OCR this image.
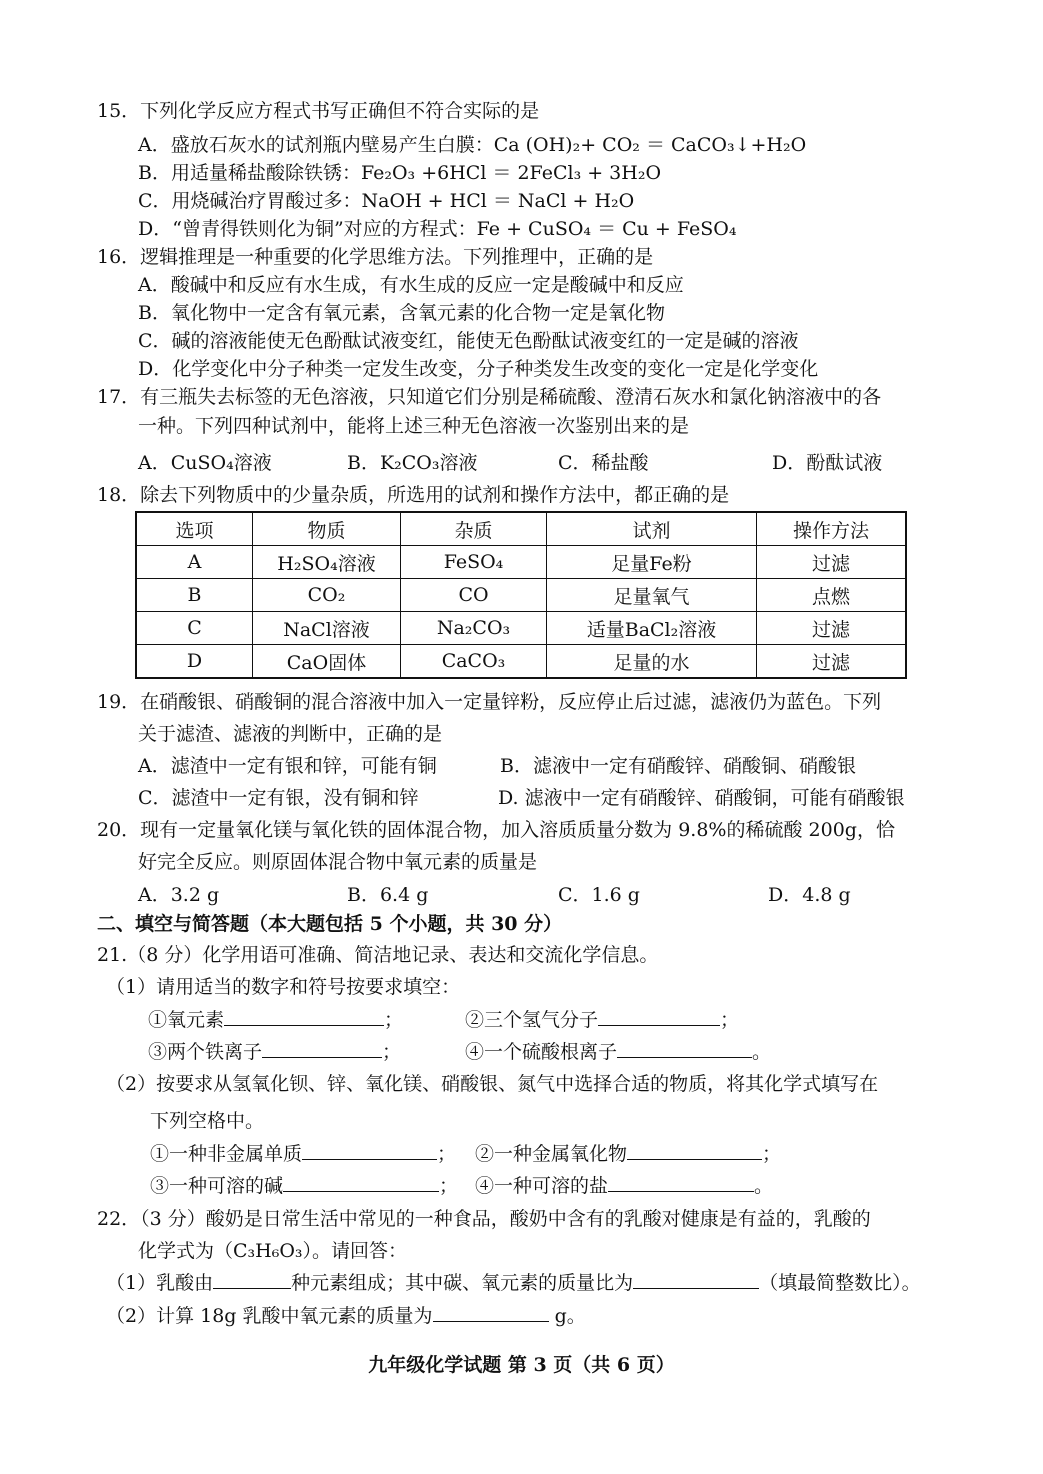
15．下列化学反应方程式书写正确但不符合实际的是
A．盛放石灰水的试剂瓶内壁易产生白膜：Ca (OH)₂+ CO₂ ＝ CaCO₃↓+H₂O
B．用适量稀盐酸除铁锈：Fe₂O₃ +6HCl ＝ 2FeCl₃ + 3H₂O
C．用烧碱治疗胃酸过多：NaOH + HCl ＝ NaCl + H₂O
D．“曾青得铁则化为铜”对应的方程式：Fe + CuSO₄ ＝ Cu + FeSO₄
16．逻辑推理是一种重要的化学思维方法。下列推理中，正确的是
A．酸碱中和反应有水生成，有水生成的反应一定是酸碱中和反应
B．氧化物中一定含有氧元素，含氧元素的化合物一定是氧化物
C．碱的溶液能使无色酚酞试液变红，能使无色酚酞试液变红的一定是碱的溶液
D．化学变化中分子种类一定发生改变，分子种类发生改变的变化一定是化学变化
17．有三瓶失去标签的无色溶液，只知道它们分别是稀硫酸、澄清石灰水和氯化钠溶液中的各
一种。下列四种试剂中，能将上述三种无色溶液一次鉴别出来的是
A．CuSO₄溶液	B．K₂CO₃溶液	C．稀盐酸	D．酚酞试液
18．除去下列物质中的少量杂质，所选用的试剂和操作方法中，都正确的是
选项	物质	杂质	试剂	操作方法
A	H₂SO₄溶液	FeSO₄	足量Fe粉	过滤
B	CO₂	CO	足量氧气	点燃
C	NaCl溶液	Na₂CO₃	适量BaCl₂溶液	过滤
D	CaO固体	CaCO₃	足量的水	过滤
19．在硝酸银、硝酸铜的混合溶液中加入一定量锌粉，反应停止后过滤，滤液仍为蓝色。下列
关于滤渣、滤液的判断中，正确的是
A．滤渣中一定有银和锌，可能有铜	B．滤液中一定有硝酸锌、硝酸铜、硝酸银
C．滤渣中一定有银，没有铜和锌	D. 滤液中一定有硝酸锌、硝酸铜，可能有硝酸银
20．现有一定量氧化镁与氧化铁的固体混合物，加入溶质质量分数为 9.8%的稀硫酸 200g，恰
好完全反应。则原固体混合物中氧元素的质量是
A．3.2 g	B．6.4 g	C．1.6 g	D．4.8 g
二、填空与简答题（本大题包括 5 个小题，共 30 分）
21.（8 分）化学用语可准确、简洁地记录、表达和交流化学信息。
（1）请用适当的数字和符号按要求填空：
①氧元素	；	②三个氢气分子	；
③两个铁离子	；	④一个硫酸根离子	。
（2）按要求从氢氧化钡、锌、氧化镁、硝酸银、氮气中选择合适的物质，将其化学式填写在
下列空格中。
①一种非金属单质	； ②一种金属氧化物	；
③一种可溶的碱	； ④一种可溶的盐	。
22．（3 分）酸奶是日常生活中常见的一种食品，酸奶中含有的乳酸对健康是有益的，乳酸的
化学式为（C₃H₆O₃）。请回答：
（1）乳酸由	种元素组成；其中碳、氧元素的质量比为	（填最简整数比）。
（2）计算 18g 乳酸中氧元素的质量为	g。
九年级化学试题 第 3 页（共 6 页）
